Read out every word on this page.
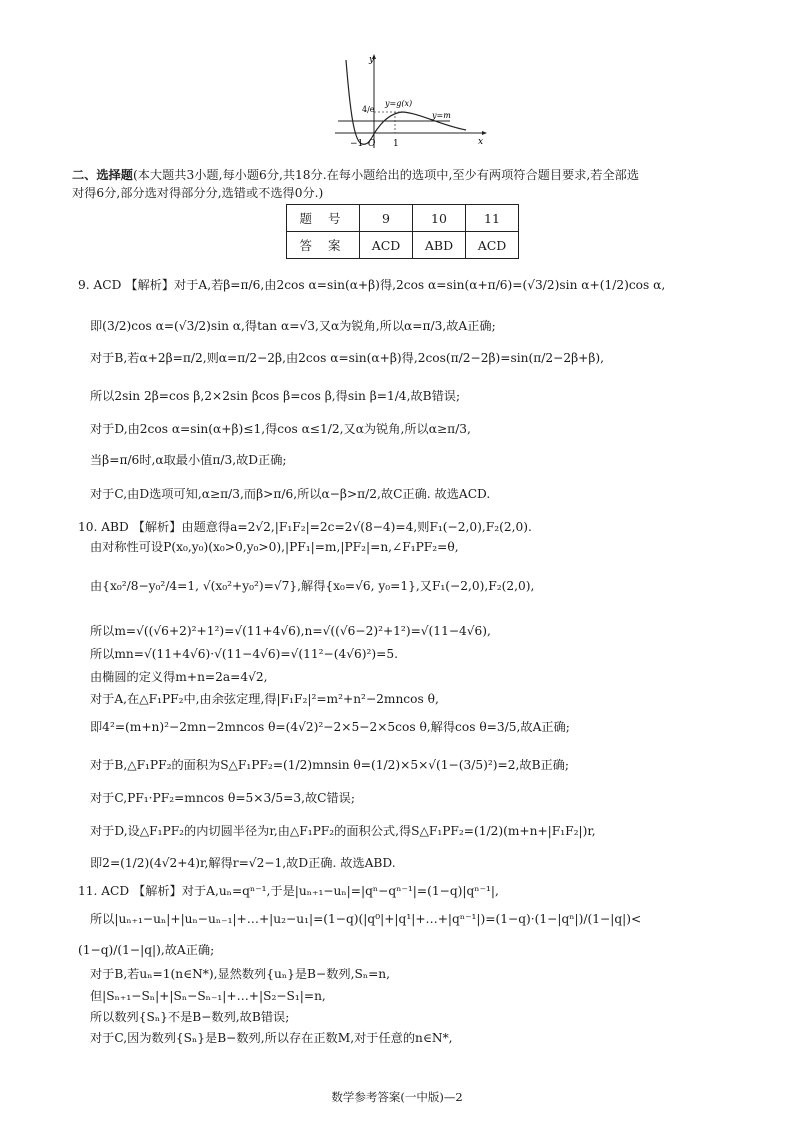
y
x
4/e
y=g(x)
y=m
−1 O 1
二、选择题(本大题共3小题,每小题6分,共18分.在每小题给出的选项中,至少有两项符合题目要求,若全部选
对得6分,部分选对得部分分,选错或不选得0分.)
题 号	9	10	11
答 案	ACD	ABD	ACD
9. ACD 【解析】对于A,若β=π/6,由2cos α=sin(α+β)得,2cos α=sin(α+π/6)=(√3/2)sin α+(1/2)cos α,
即(3/2)cos α=(√3/2)sin α,得tan α=√3,又α为锐角,所以α=π/3,故A正确;
对于B,若α+2β=π/2,则α=π/2−2β,由2cos α=sin(α+β)得,2cos(π/2−2β)=sin(π/2−2β+β),
所以2sin 2β=cos β,2×2sin βcos β=cos β,得sin β=1/4,故B错误;
对于D,由2cos α=sin(α+β)≤1,得cos α≤1/2,又α为锐角,所以α≥π/3,
当β=π/6时,α取最小值π/3,故D正确;
对于C,由D选项可知,α≥π/3,而β>π/6,所以α−β>π/2,故C正确. 故选ACD.
10. ABD 【解析】由题意得a=2√2,|F₁F₂|=2c=2√(8−4)=4,则F₁(−2,0),F₂(2,0).
由对称性可设P(x₀,y₀)(x₀>0,y₀>0),|PF₁|=m,|PF₂|=n,∠F₁PF₂=θ,
由{x₀²/8−y₀²/4=1, √(x₀²+y₀²)=√7},解得{x₀=√6, y₀=1},又F₁(−2,0),F₂(2,0),
所以m=√((√6+2)²+1²)=√(11+4√6),n=√((√6−2)²+1²)=√(11−4√6),
所以mn=√(11+4√6)·√(11−4√6)=√(11²−(4√6)²)=5.
由椭圆的定义得m+n=2a=4√2,
对于A,在△F₁PF₂中,由余弦定理,得|F₁F₂|²=m²+n²−2mncos θ,
即4²=(m+n)²−2mn−2mncos θ=(4√2)²−2×5−2×5cos θ,解得cos θ=3/5,故A正确;
对于B,△F₁PF₂的面积为S△F₁PF₂=(1/2)mnsin θ=(1/2)×5×√(1−(3/5)²)=2,故B正确;
对于C,PF₁·PF₂=mncos θ=5×3/5=3,故C错误;
对于D,设△F₁PF₂的内切圆半径为r,由△F₁PF₂的面积公式,得S△F₁PF₂=(1/2)(m+n+|F₁F₂|)r,
即2=(1/2)(4√2+4)r,解得r=√2−1,故D正确. 故选ABD.
11. ACD 【解析】对于A,uₙ=qⁿ⁻¹,于是|uₙ₊₁−uₙ|=|qⁿ−qⁿ⁻¹|=(1−q)|qⁿ⁻¹|,
所以|uₙ₊₁−uₙ|+|uₙ−uₙ₋₁|+…+|u₂−u₁|=(1−q)(|q⁰|+|q¹|+…+|qⁿ⁻¹|)=(1−q)·(1−|qⁿ|)/(1−|q|)<
(1−q)/(1−|q|),故A正确;
对于B,若uₙ=1(n∈N*),显然数列{uₙ}是B−数列,Sₙ=n,
但|Sₙ₊₁−Sₙ|+|Sₙ−Sₙ₋₁|+…+|S₂−S₁|=n,
所以数列{Sₙ}不是B−数列,故B错误;
对于C,因为数列{Sₙ}是B−数列,所以存在正数M,对于任意的n∈N*,
数学参考答案(一中版)—2
